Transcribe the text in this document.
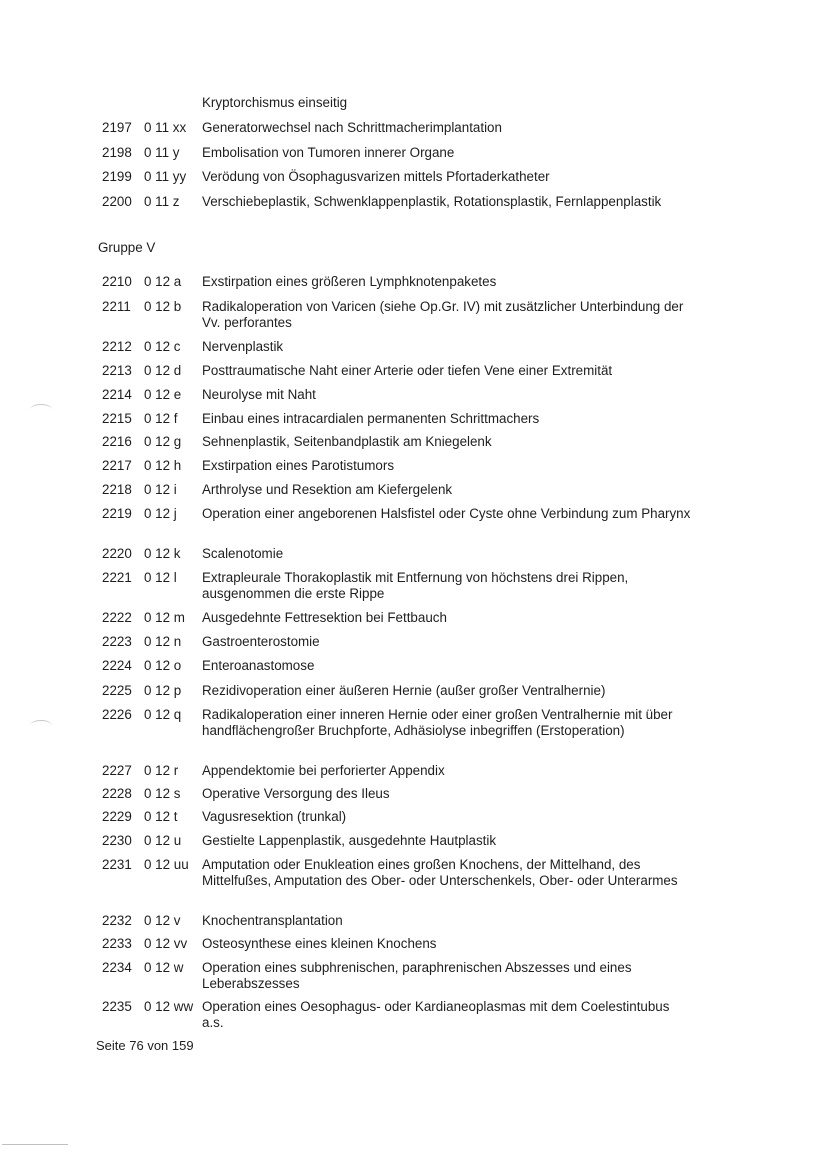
Kryptorchismus einseitig
2197 0 11 xx	Generatorwechsel nach Schrittmacherimplantation
2198 0 11 y	Embolisation von Tumoren innerer Organe
2199 0 11 yy	Verödung von Ösophagusvarizen mittels Pfortaderkatheter
2200 0 11 z	Verschiebeplastik, Schwenklappenplastik, Rotationsplastik, Fernlappenplastik
Gruppe V
2210 0 12 a	Exstirpation eines größeren Lymphknotenpaketes
2211 0 12 b	Radikaloperation von Varicen (siehe Op.Gr. IV) mit zusätzlicher Unterbindung der Vv. perforantes
2212 0 12 c	Nervenplastik
2213 0 12 d	Posttraumatische Naht einer Arterie oder tiefen Vene einer Extremität
2214 0 12 e	Neurolyse mit Naht
2215 0 12 f	Einbau eines intracardialen permanenten Schrittmachers
2216 0 12 g	Sehnenplastik, Seitenbandplastik am Kniegelenk
2217 0 12 h	Exstirpation eines Parotistumors
2218 0 12 i	Arthrolyse und Resektion am Kiefergelenk
2219 0 12 j	Operation einer angeborenen Halsfistel oder Cyste ohne Verbindung zum Pharynx
2220 0 12 k	Scalenotomie
2221 0 12 l	Extrapleurale Thorakoplastik mit Entfernung von höchstens drei Rippen, ausgenommen die erste Rippe
2222 0 12 m	Ausgedehnte Fettresektion bei Fettbauch
2223 0 12 n	Gastroenterostomie
2224 0 12 o	Enteroanastomose
2225 0 12 p	Rezidivoperation einer äußeren Hernie (außer großer Ventralhernie)
2226 0 12 q	Radikaloperation einer inneren Hernie oder einer großen Ventralhernie mit über handflächengroßer Bruchpforte, Adhäsiolyse inbegriffen (Erstoperation)
2227 0 12 r	Appendektomie bei perforierter Appendix
2228 0 12 s	Operative Versorgung des Ileus
2229 0 12 t	Vagusresektion (trunkal)
2230 0 12 u	Gestielte Lappenplastik, ausgedehnte Hautplastik
2231 0 12 uu Amputation oder Enukleation eines großen Knochens, der Mittelhand, des Mittelfußes, Amputation des Ober- oder Unterschenkels, Ober- oder Unterarmes
2232 0 12 v	Knochentransplantation
2233 0 12 vv	Osteosynthese eines kleinen Knochens
2234 0 12 w	Operation eines subphrenischen, paraphrenischen Abszesses und eines Leberabszesses
2235 0 12 ww Operation eines Oesophagus- oder Kardianeoplasmas mit dem Coelestintubus a.s.
Seite 76 von 159
